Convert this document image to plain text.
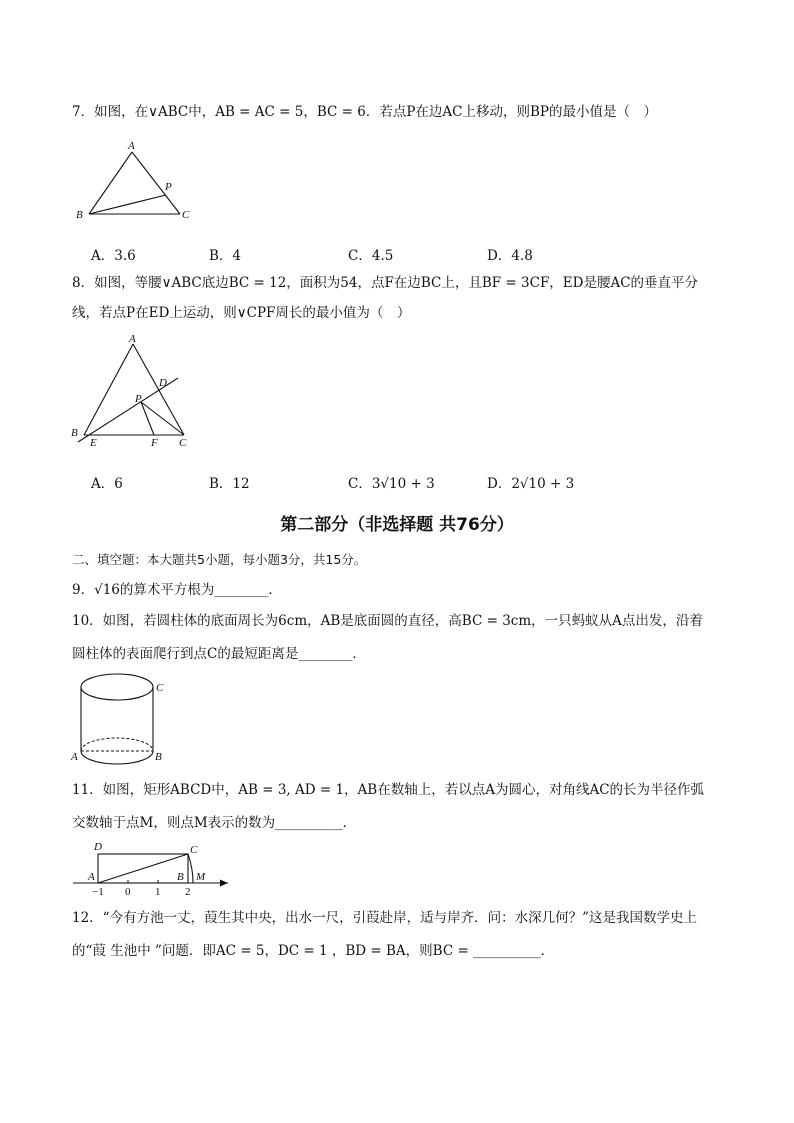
7．如图，在∨ABC中，AB = AC = 5，BC = 6．若点P在边AC上移动，则BP的最小值是（　）
A
B	C
P
A．3.6	B．4	C．4.5	D．4.8
8．如图，等腰∨ABC底边BC = 12，面积为54，点F在边BC上，且BF = 3CF，ED是腰AC的垂直平分
线，若点P在ED上运动，则∨CPF周长的最小值为（　）
A
B
C
D
E	F
P
A．6	B．12	C．3√10 + 3	D．2√10 + 3
第二部分（非选择题 共76分）
二、填空题：本大题共5小题，每小题3分，共15分。
9．√16的算术平方根为________．
10．如图，若圆柱体的底面周长为6cm，AB是底面圆的直径，高BC = 3cm，一只蚂蚁从A点出发，沿着
圆柱体的表面爬行到点C的最短距离是________．
C
A	B
11．如图，矩形ABCD中，AB = 3, AD = 1，AB在数轴上，若以点A为圆心，对角线AC的长为半径作弧
交数轴于点M，则点M表示的数为__________．
D	C
A	B M
−1 0 1 2
12．“今有方池一丈，葭生其中央，出水一尺，引葭赴岸，适与岸齐．问：水深几何？”这是我国数学史上
的“葭 生池中 ”问题．即AC = 5，DC = 1 ，BD = BA，则BC = __________．
